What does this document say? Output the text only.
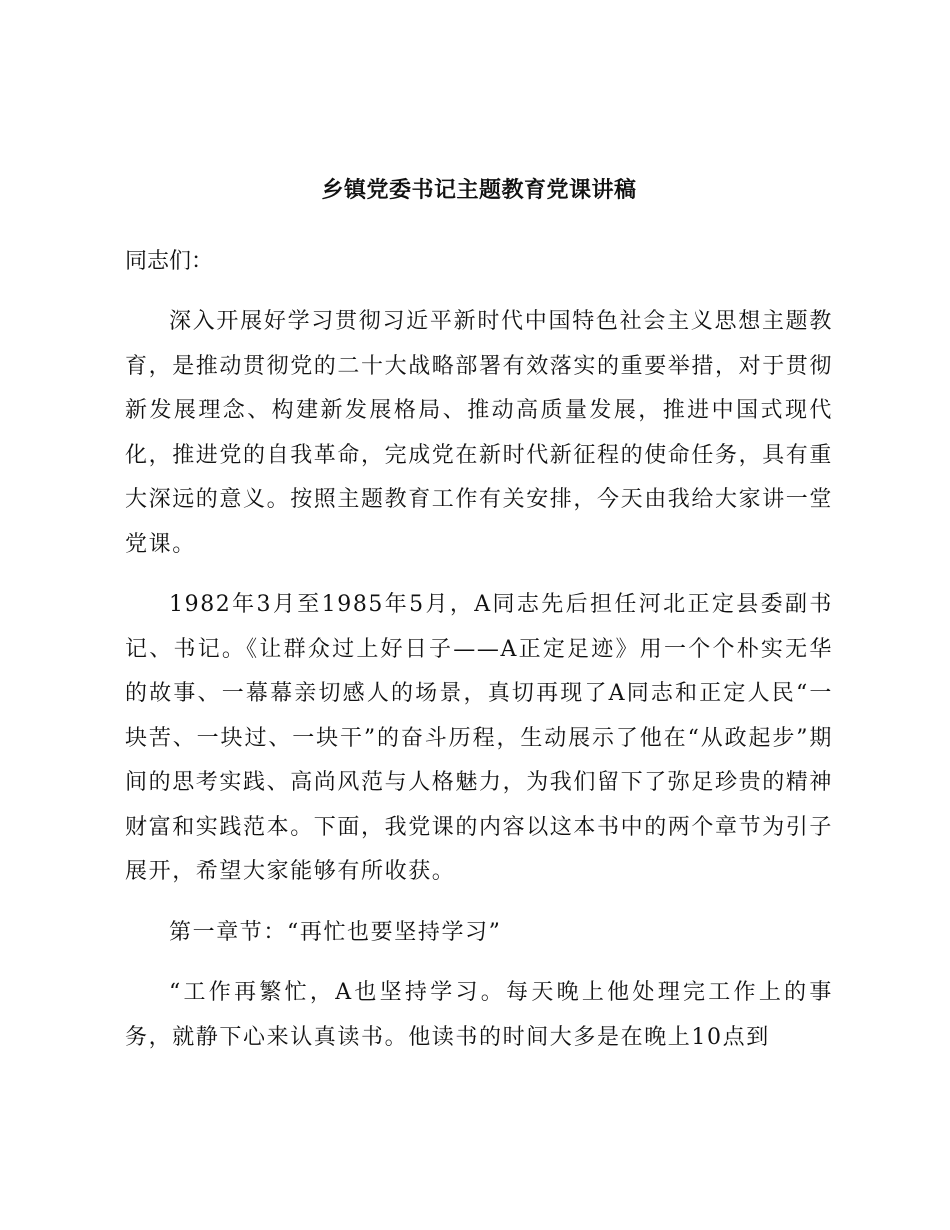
乡镇党委书记主题教育党课讲稿
同志们：

深入开展好学习贯彻习近平新时代中国特色社会主义思想主题教育，是推动贯彻党的二十大战略部署有效落实的重要举措，对于贯彻新发展理念、构建新发展格局、推动高质量发展，推进中国式现代化，推进党的自我革命，完成党在新时代新征程的使命任务，具有重大深远的意义。按照主题教育工作有关安排，今天由我给大家讲一堂党课。

1982年3月至1985年5月，A同志先后担任河北正定县委副书记、书记。《让群众过上好日子——A正定足迹》用一个个朴实无华的故事、一幕幕亲切感人的场景，真切再现了A同志和正定人民“一块苦、一块过、一块干”的奋斗历程，生动展示了他在“从政起步”期间的思考实践、高尚风范与人格魅力，为我们留下了弥足珍贵的精神财富和实践范本。下面，我党课的内容以这本书中的两个章节为引子展开，希望大家能够有所收获。

第一章节：“再忙也要坚持学习”

“工作再繁忙，A也坚持学习。每天晚上他处理完工作上的事务，就静下心来认真读书。他读书的时间大多是在晚上10点到
